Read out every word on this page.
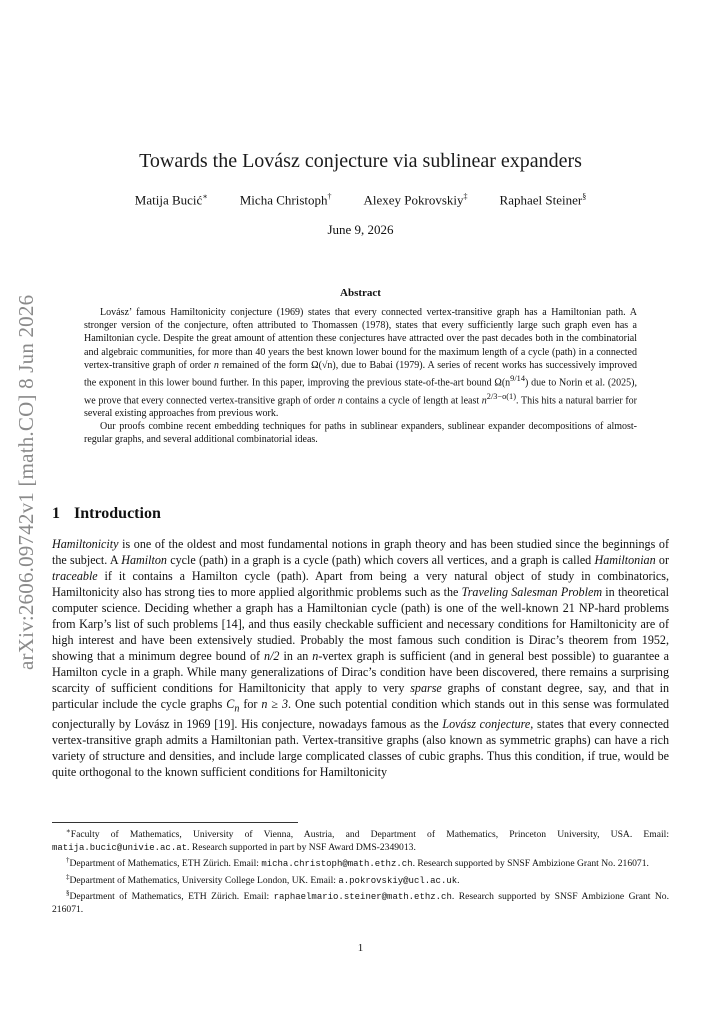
arXiv:2606.09742v1 [math.CO] 8 Jun 2026
Towards the Lovász conjecture via sublinear expanders
Matija Bucić∗ Micha Christoph† Alexey Pokrovskiy‡ Raphael Steiner§
June 9, 2026
Abstract

Lovász’ famous Hamiltonicity conjecture (1969) states that every connected vertex-transitive graph has a Hamiltonian path. A stronger version of the conjecture, often attributed to Thomassen (1978), states that every sufficiently large such graph even has a Hamiltonian cycle. Despite the great amount of attention these conjectures have attracted over the past decades both in the combinatorial and algebraic communities, for more than 40 years the best known lower bound for the maximum length of a cycle (path) in a connected vertex-transitive graph of order n remained of the form Ω(√n), due to Babai (1979). A series of recent works has successively improved the exponent in this lower bound further. In this paper, improving the previous state-of-the-art bound $\Omega(n^{9/14})$ due to Norin et al. (2025), we prove that every connected vertex-transitive graph of order n contains a cycle of length at least $n^{2/3-o(1)}$. This hits a natural barrier for several existing approaches from previous work.

Our proofs combine recent embedding techniques for paths in sublinear expanders, sublinear expander decompositions of almost-regular graphs, and several additional combinatorial ideas.

1 Introduction

Hamiltonicity is one of the oldest and most fundamental notions in graph theory and has been studied since the beginnings of the subject. A Hamilton cycle (path) in a graph is a cycle (path) which covers all vertices, and a graph is called Hamiltonian or traceable if it contains a Hamilton cycle (path). Apart from being a very natural object of study in combinatorics, Hamiltonicity also has strong ties to more applied algorithmic problems such as the Traveling Salesman Problem in theoretical computer science. Deciding whether a graph has a Hamiltonian cycle (path) is one of the well-known 21 NP-hard problems from Karp’s list of such problems [14], and thus easily checkable sufficient and necessary conditions for Hamiltonicity are of high interest and have been extensively studied. Probably the most famous such condition is Dirac’s theorem from 1952, showing that a minimum degree bound of n/2 in an n-vertex graph is sufficient (and in general best possible) to guarantee a Hamilton cycle in a graph. While many generalizations of Dirac’s condition have been discovered, there remains a surprising scarcity of sufficient conditions for Hamiltonicity that apply to very sparse graphs of constant degree, say, and that in particular include the cycle graphs $C_n$ for n ≥ 3. One such potential condition which stands out in this sense was formulated conjecturally by Lovász in 1969 [19]. His conjecture, nowadays famous as the Lovász conjecture, states that every connected vertex-transitive graph admits a Hamiltonian path. Vertex-transitive graphs (also known as symmetric graphs) can have a rich variety of structure and densities, and include large complicated classes of cubic graphs. Thus this condition, if true, would be quite orthogonal to the known sufficient conditions for Hamiltonicity

∗Faculty of Mathematics, University of Vienna, Austria, and Department of Mathematics, Princeton University, USA. Email: matija.bucic@univie.ac.at. Research supported in part by NSF Award DMS-2349013.

†Department of Mathematics, ETH Zürich. Email: micha.christoph@math.ethz.ch. Research supported by SNSF Ambizione Grant No. 216071.

‡Department of Mathematics, University College London, UK. Email: a.pokrovskiy@ucl.ac.uk.

§Department of Mathematics, ETH Zürich. Email: raphaelmario.steiner@math.ethz.ch. Research supported by SNSF Ambizione Grant No. 216071.

1
